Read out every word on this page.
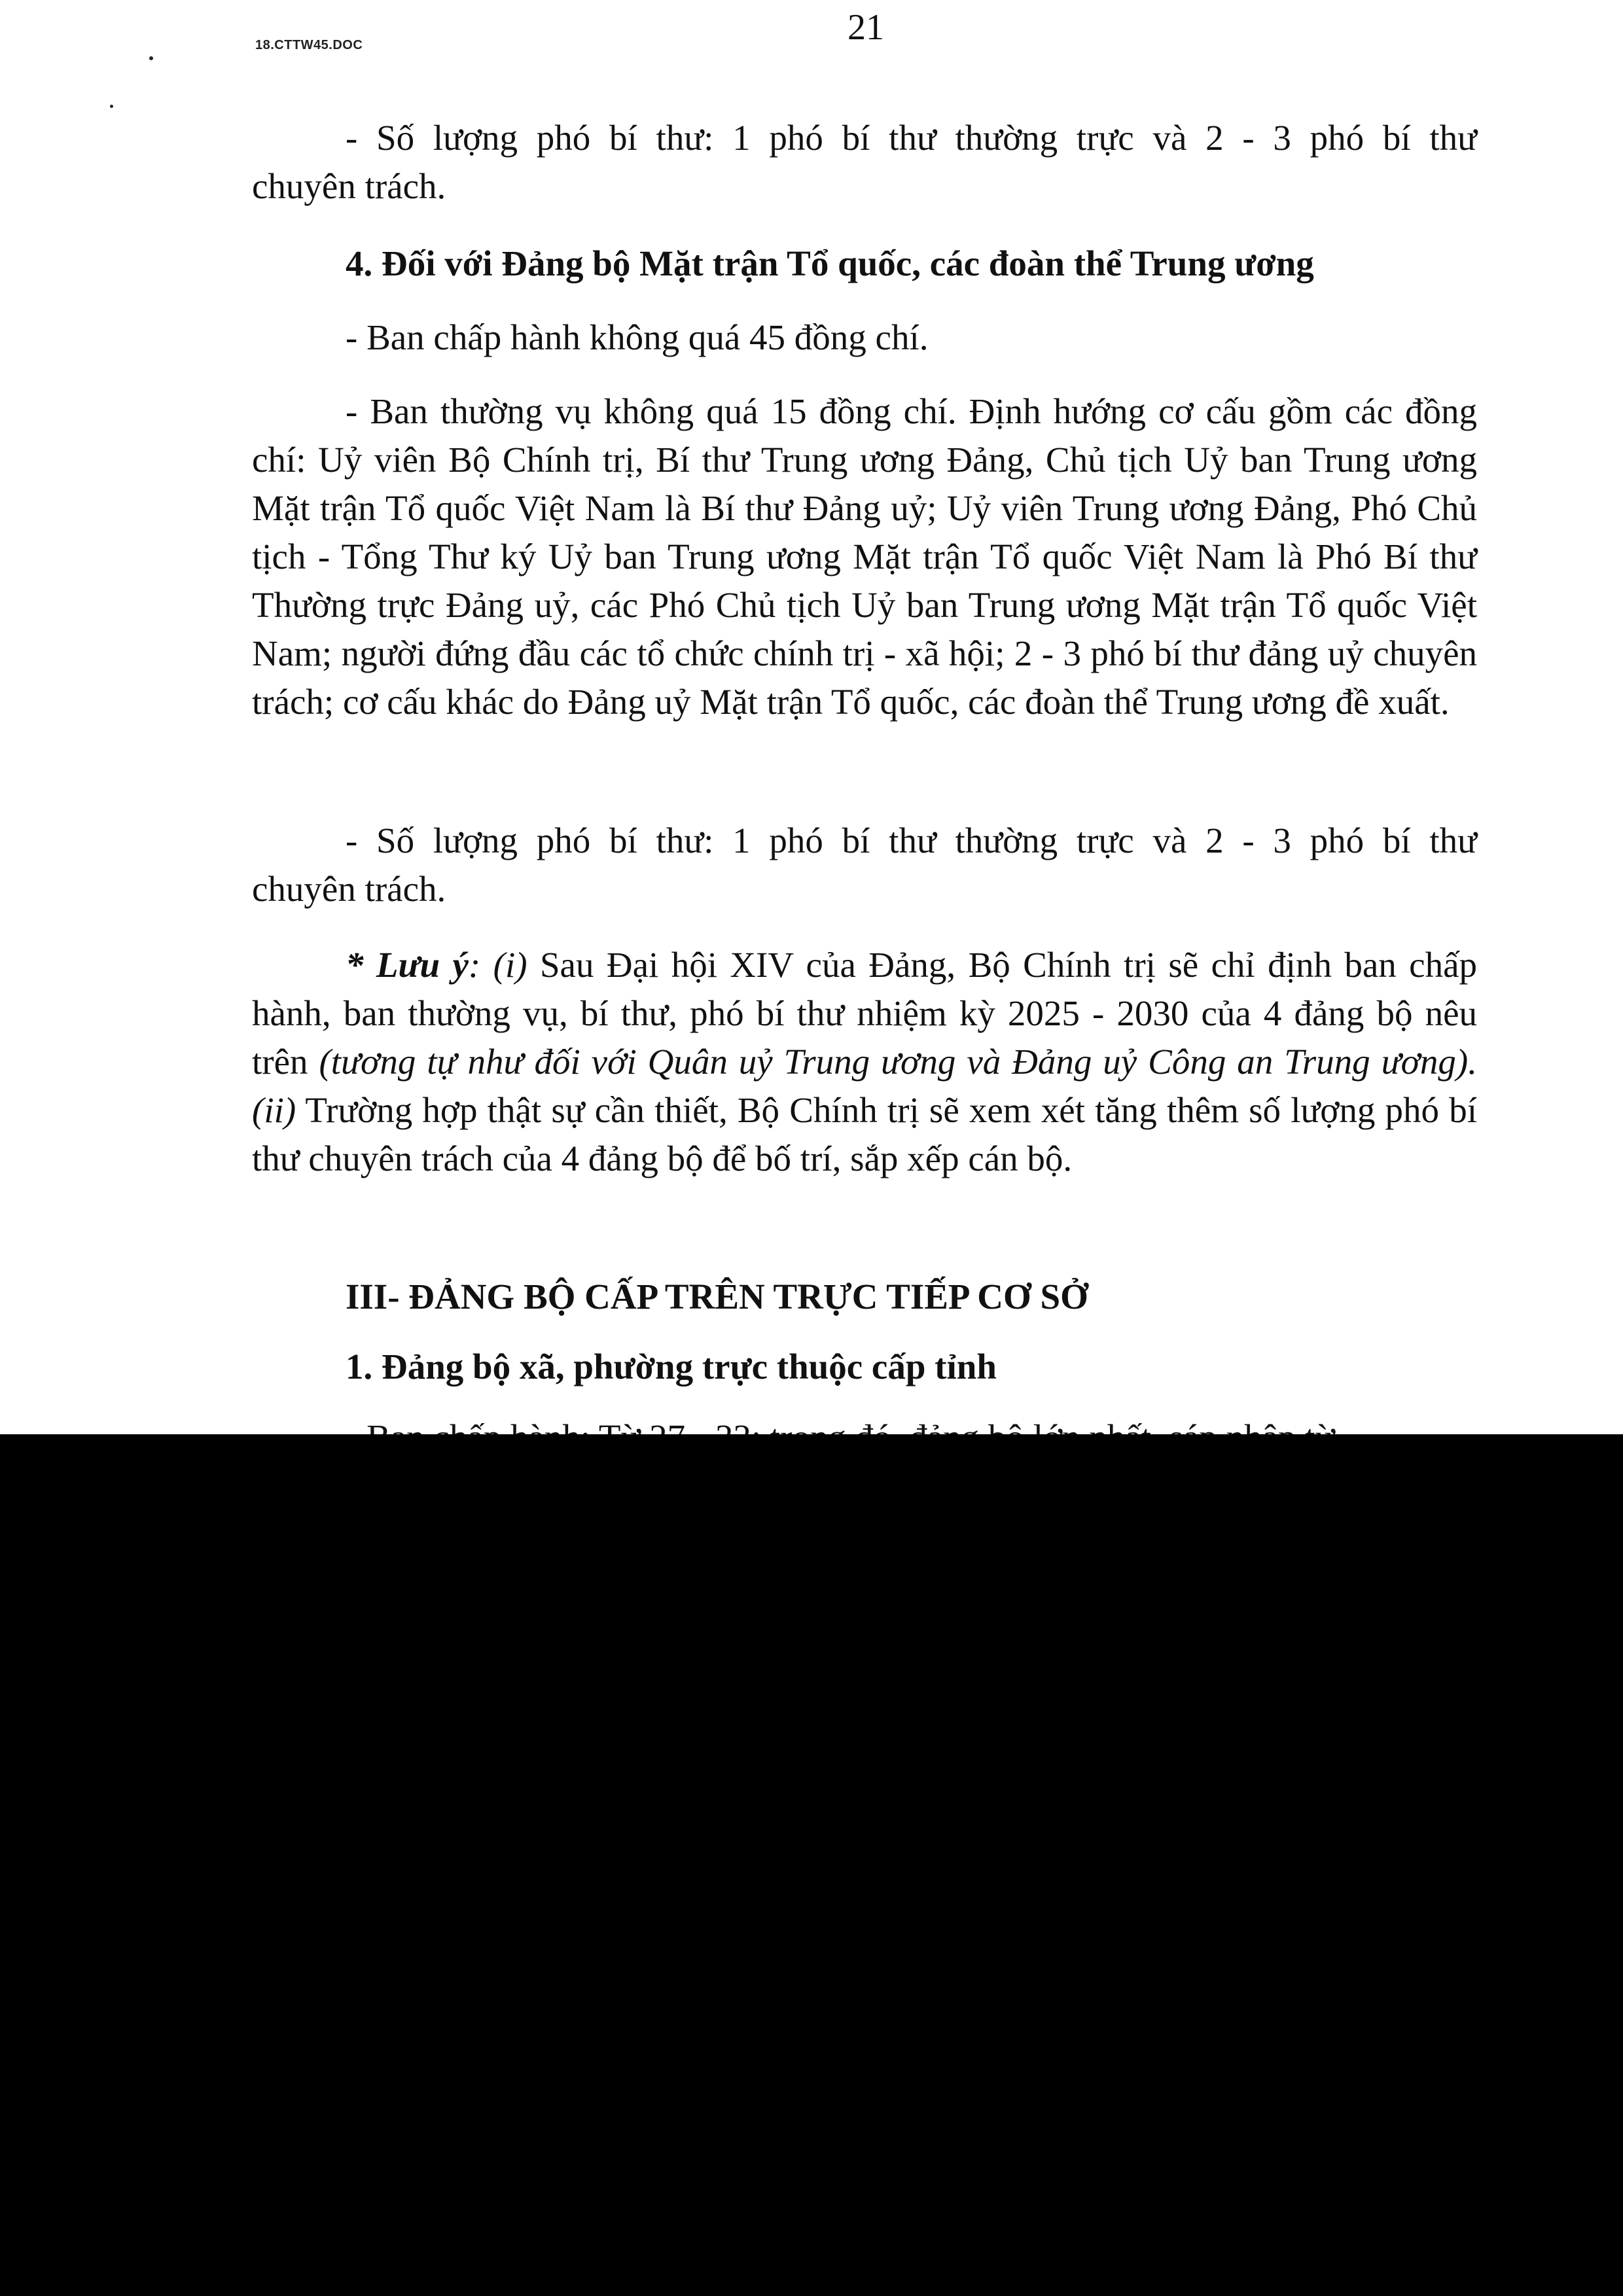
18.CTTW45.DOC	21
- Số lượng phó bí thư: 1 phó bí thư thường trực và 2 - 3 phó bí thư
chuyên trách.
4. Đối với Đảng bộ Mặt trận Tổ quốc, các đoàn thể Trung ương
- Ban chấp hành không quá 45 đồng chí.
- Ban thường vụ không quá 15 đồng chí. Định hướng cơ cấu gồm các đồng chí: Uỷ viên Bộ Chính trị, Bí thư Trung ương Đảng, Chủ tịch Uỷ ban Trung ương Mặt trận Tổ quốc Việt Nam là Bí thư Đảng uỷ; Uỷ viên Trung ương Đảng, Phó Chủ tịch - Tổng Thư ký Uỷ ban Trung ương Mặt trận Tổ quốc Việt Nam là Phó Bí thư Thường trực Đảng uỷ, các Phó Chủ tịch Uỷ ban Trung ương Mặt trận Tổ quốc Việt Nam; người đứng đầu các tổ chức chính trị - xã hội; 2 - 3 phó bí thư đảng uỷ chuyên trách; cơ cấu khác do Đảng uỷ Mặt trận Tổ quốc, các đoàn thể Trung ương đề xuất.
- Số lượng phó bí thư: 1 phó bí thư thường trực và 2 - 3 phó bí thư
chuyên trách.
* Lưu ý: (i) Sau Đại hội XIV của Đảng, Bộ Chính trị sẽ chỉ định ban chấp hành, ban thường vụ, bí thư, phó bí thư nhiệm kỳ 2025 - 2030 của 4 đảng bộ nêu trên (tương tự như đối với Quân uỷ Trung ương và Đảng uỷ Công an Trung ương). (ii) Trường hợp thật sự cần thiết, Bộ Chính trị sẽ xem xét tăng thêm số lượng phó bí thư chuyên trách của 4 đảng bộ để bố trí, sắp xếp cán bộ.
III- ĐẢNG BỘ CẤP TRÊN TRỰC TIẾP CƠ SỞ
1. Đảng bộ xã, phường trực thuộc cấp tỉnh
